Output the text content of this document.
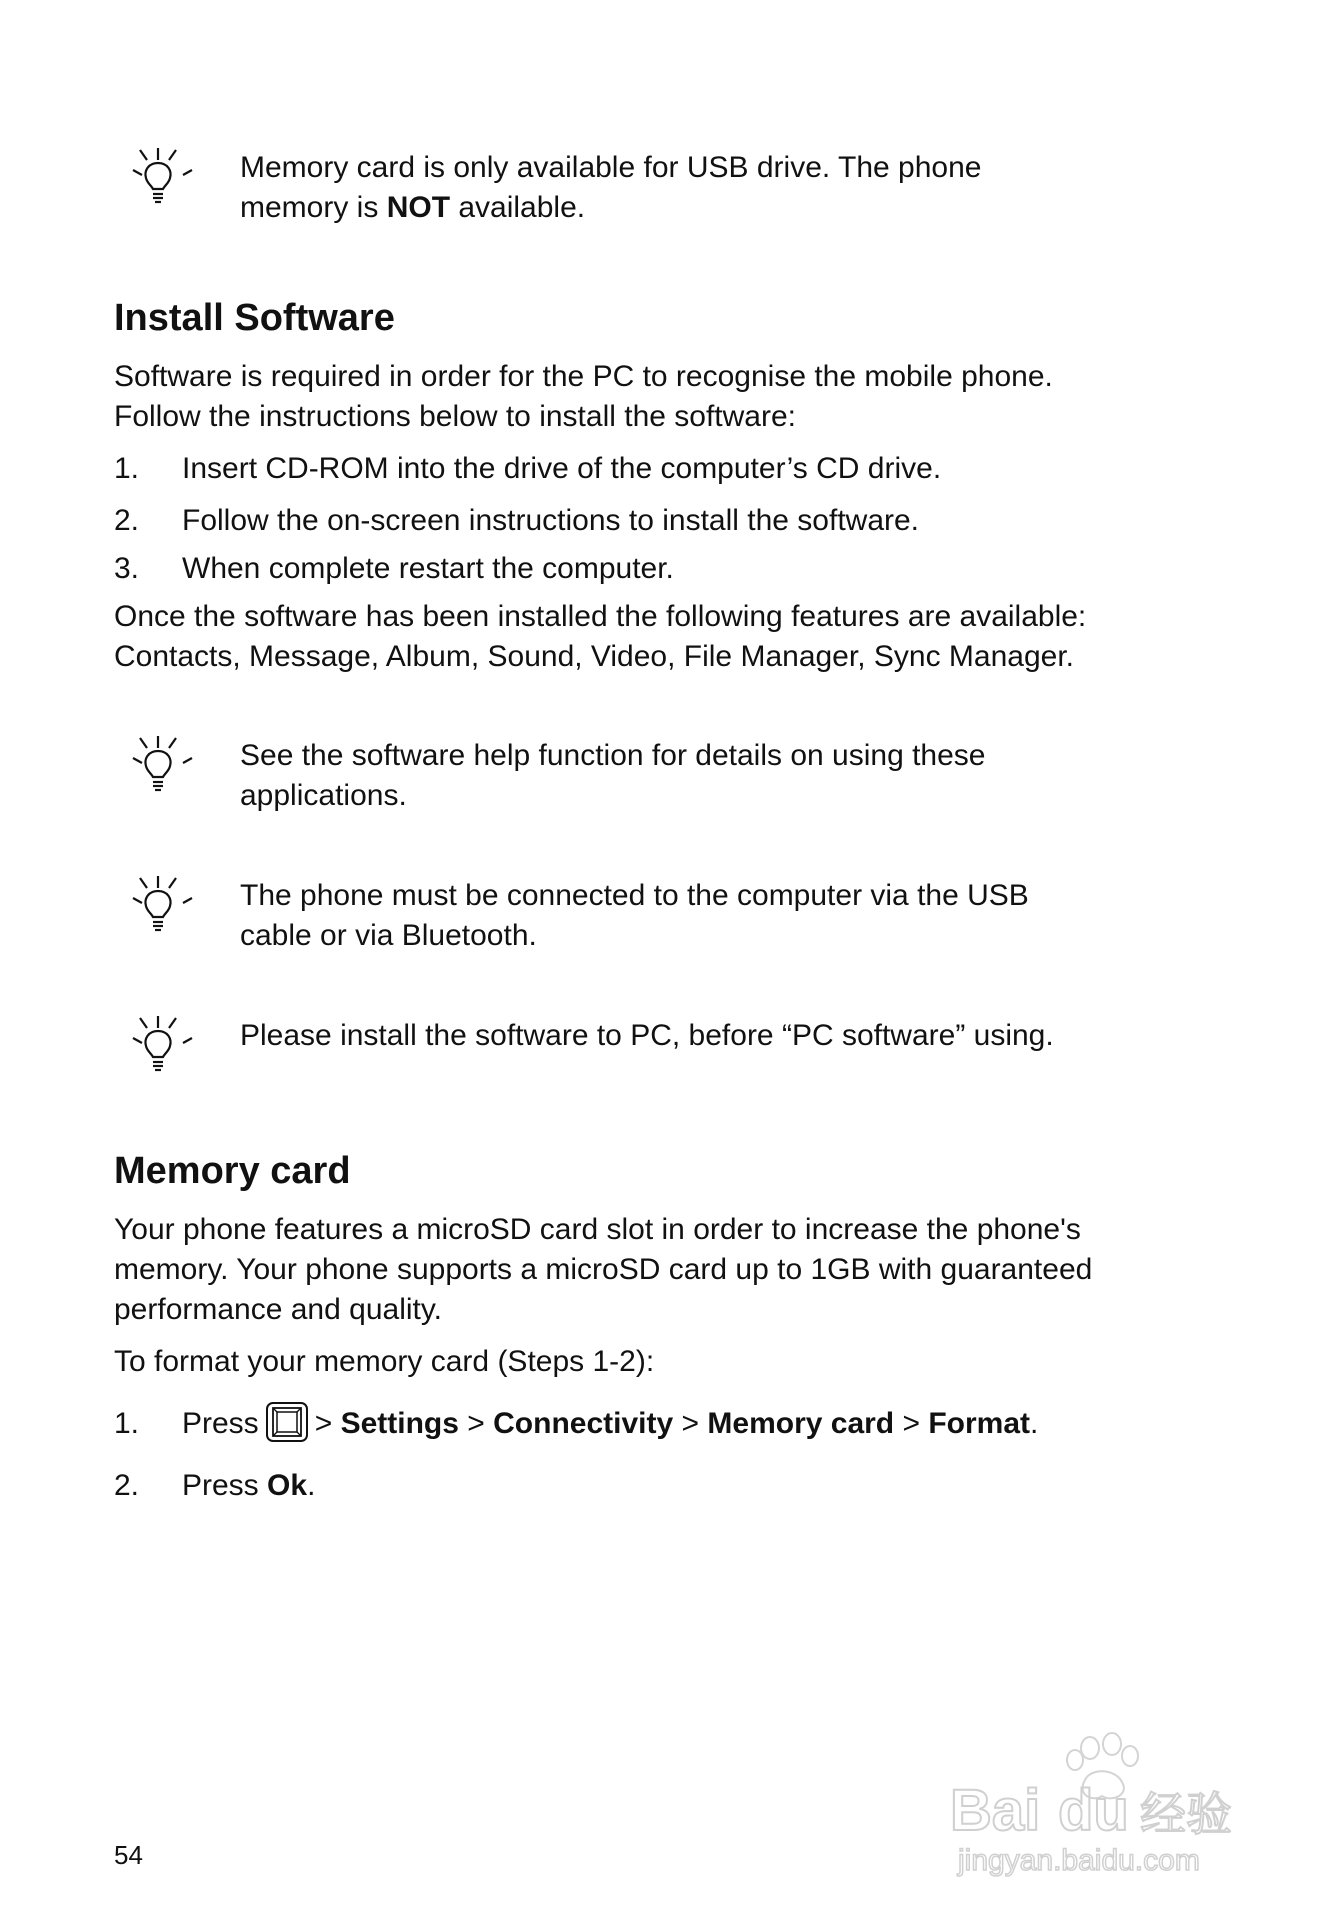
Memory card is only available for USB drive. The phone
memory is NOT available.
Install Software
Software is required in order for the PC to recognise the mobile phone.
Follow the instructions below to install the software:
1. Insert CD-ROM into the drive of the computer’s CD drive.
2. Follow the on-screen instructions to install the software.
3. When complete restart the computer.
Once the software has been installed the following features are available:
Contacts, Message, Album, Sound, Video, File Manager, Sync Manager.
See the software help function for details on using these
applications.
The phone must be connected to the computer via the USB
cable or via Bluetooth.
Please install the software to PC, before “PC software” using.
Memory card
Your phone features a microSD card slot in order to increase the phone's
memory. Your phone supports a microSD card up to 1GB with guaranteed
performance and quality.
To format your memory card (Steps 1-2):
1. Press > Settings > Connectivity > Memory card > Format.
2. Press Ok.
54
Bai du 经验
jingyan.baidu.com
